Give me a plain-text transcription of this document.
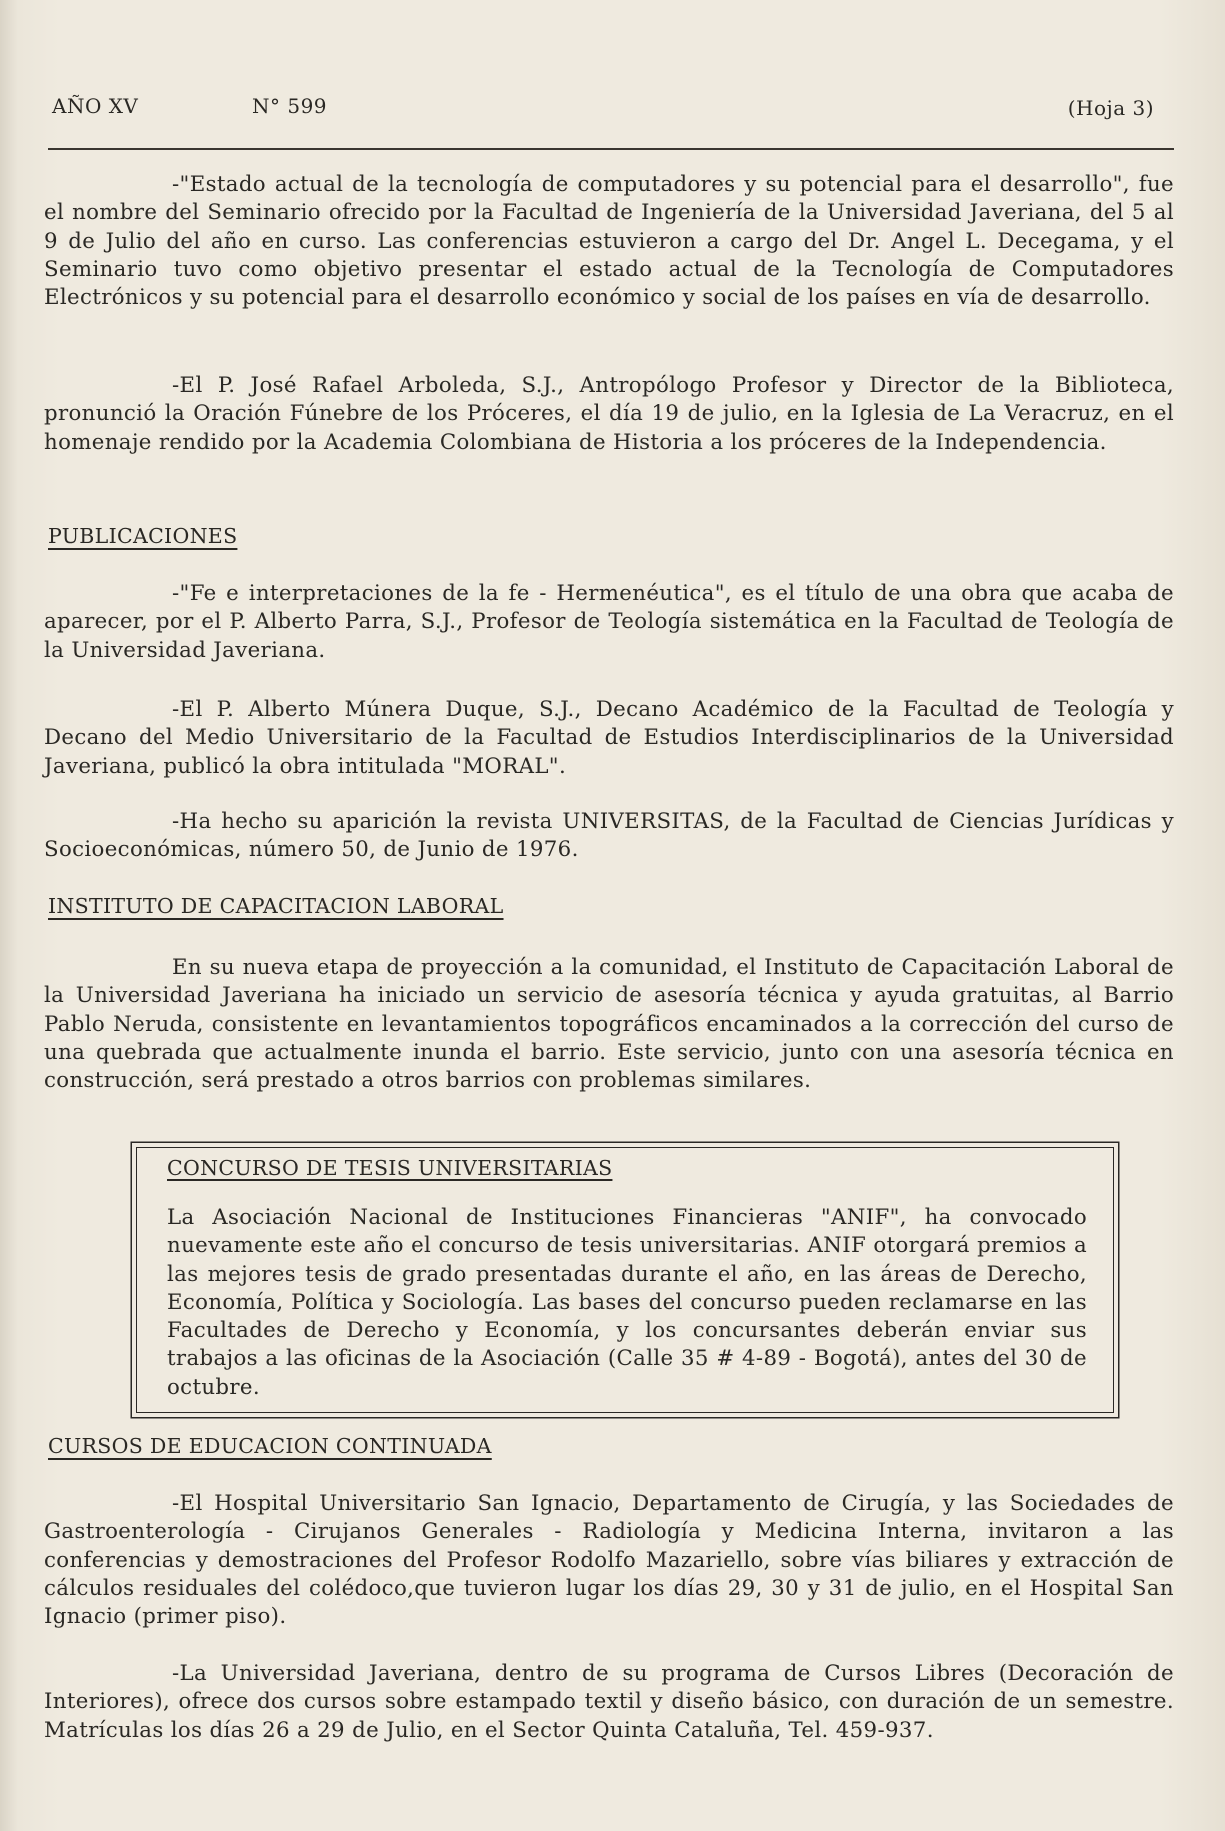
AÑO XV	N° 599	(Hoja 3)

-"Estado actual de la tecnología de computadores y su potencial para el desarrollo", fue el nombre del Seminario ofrecido por la Facultad de Ingeniería de la Universidad Javeriana, del 5 al 9 de Julio del año en curso. Las conferencias estuvieron a cargo del Dr. Angel L. Decegama, y el Seminario tuvo como objetivo presentar el estado actual de la Tecnología de Computadores Electrónicos y su potencial para el desarrollo económico y social de los países en vía de desarrollo.

-El P. José Rafael Arboleda, S.J., Antropólogo Profesor y Director de la Biblioteca, pronunció la Oración Fúnebre de los Próceres, el día 19 de julio, en la Iglesia de La Veracruz, en el homenaje rendido por la Academia Colombiana de Historia a los próceres de la Independencia.

PUBLICACIONES

-"Fe e interpretaciones de la fe - Hermenéutica", es el título de una obra que acaba de aparecer, por el P. Alberto Parra, S.J., Profesor de Teología sistemática en la Facultad de Teología de la Universidad Javeriana.

-El P. Alberto Múnera Duque, S.J., Decano Académico de la Facultad de Teología y Decano del Medio Universitario de la Facultad de Estudios Interdisciplinarios de la Universidad Javeriana, publicó la obra intitulada "MORAL".

-Ha hecho su aparición la revista UNIVERSITAS, de la Facultad de Ciencias Jurídicas y Socioeconómicas, número 50, de Junio de 1976.

INSTITUTO DE CAPACITACION LABORAL

En su nueva etapa de proyección a la comunidad, el Instituto de Capacitación Laboral de la Universidad Javeriana ha iniciado un servicio de asesoría técnica y ayuda gratuitas, al Barrio Pablo Neruda, consistente en levantamientos topográficos encaminados a la corrección del curso de una quebrada que actualmente inunda el barrio. Este servicio, junto con una asesoría técnica en construcción, será prestado a otros barrios con problemas similares.

CONCURSO DE TESIS UNIVERSITARIAS

La Asociación Nacional de Instituciones Financieras "ANIF", ha convocado nuevamente este año el concurso de tesis universitarias. ANIF otorgará premios a las mejores tesis de grado presentadas durante el año, en las áreas de Derecho, Economía, Política y Sociología. Las bases del concurso pueden reclamarse en las Facultades de Derecho y Economía, y los concursantes deberán enviar sus trabajos a las oficinas de la Asociación (Calle 35 # 4-89 - Bogotá), antes del 30 de octubre.

CURSOS DE EDUCACION CONTINUADA

-El Hospital Universitario San Ignacio, Departamento de Cirugía, y las Sociedades de Gastroenterología - Cirujanos Generales - Radiología y Medicina Interna, invitaron a las conferencias y demostraciones del Profesor Rodolfo Mazariello, sobre vías biliares y extracción de cálculos residuales del colédoco,que tuvieron lugar los días 29, 30 y 31 de julio, en el Hospital San Ignacio (primer piso).

-La Universidad Javeriana, dentro de su programa de Cursos Libres (Decoración de Interiores), ofrece dos cursos sobre estampado textil y diseño básico, con duración de un semestre. Matrículas los días 26 a 29 de Julio, en el Sector Quinta Cataluña, Tel. 459-937.
